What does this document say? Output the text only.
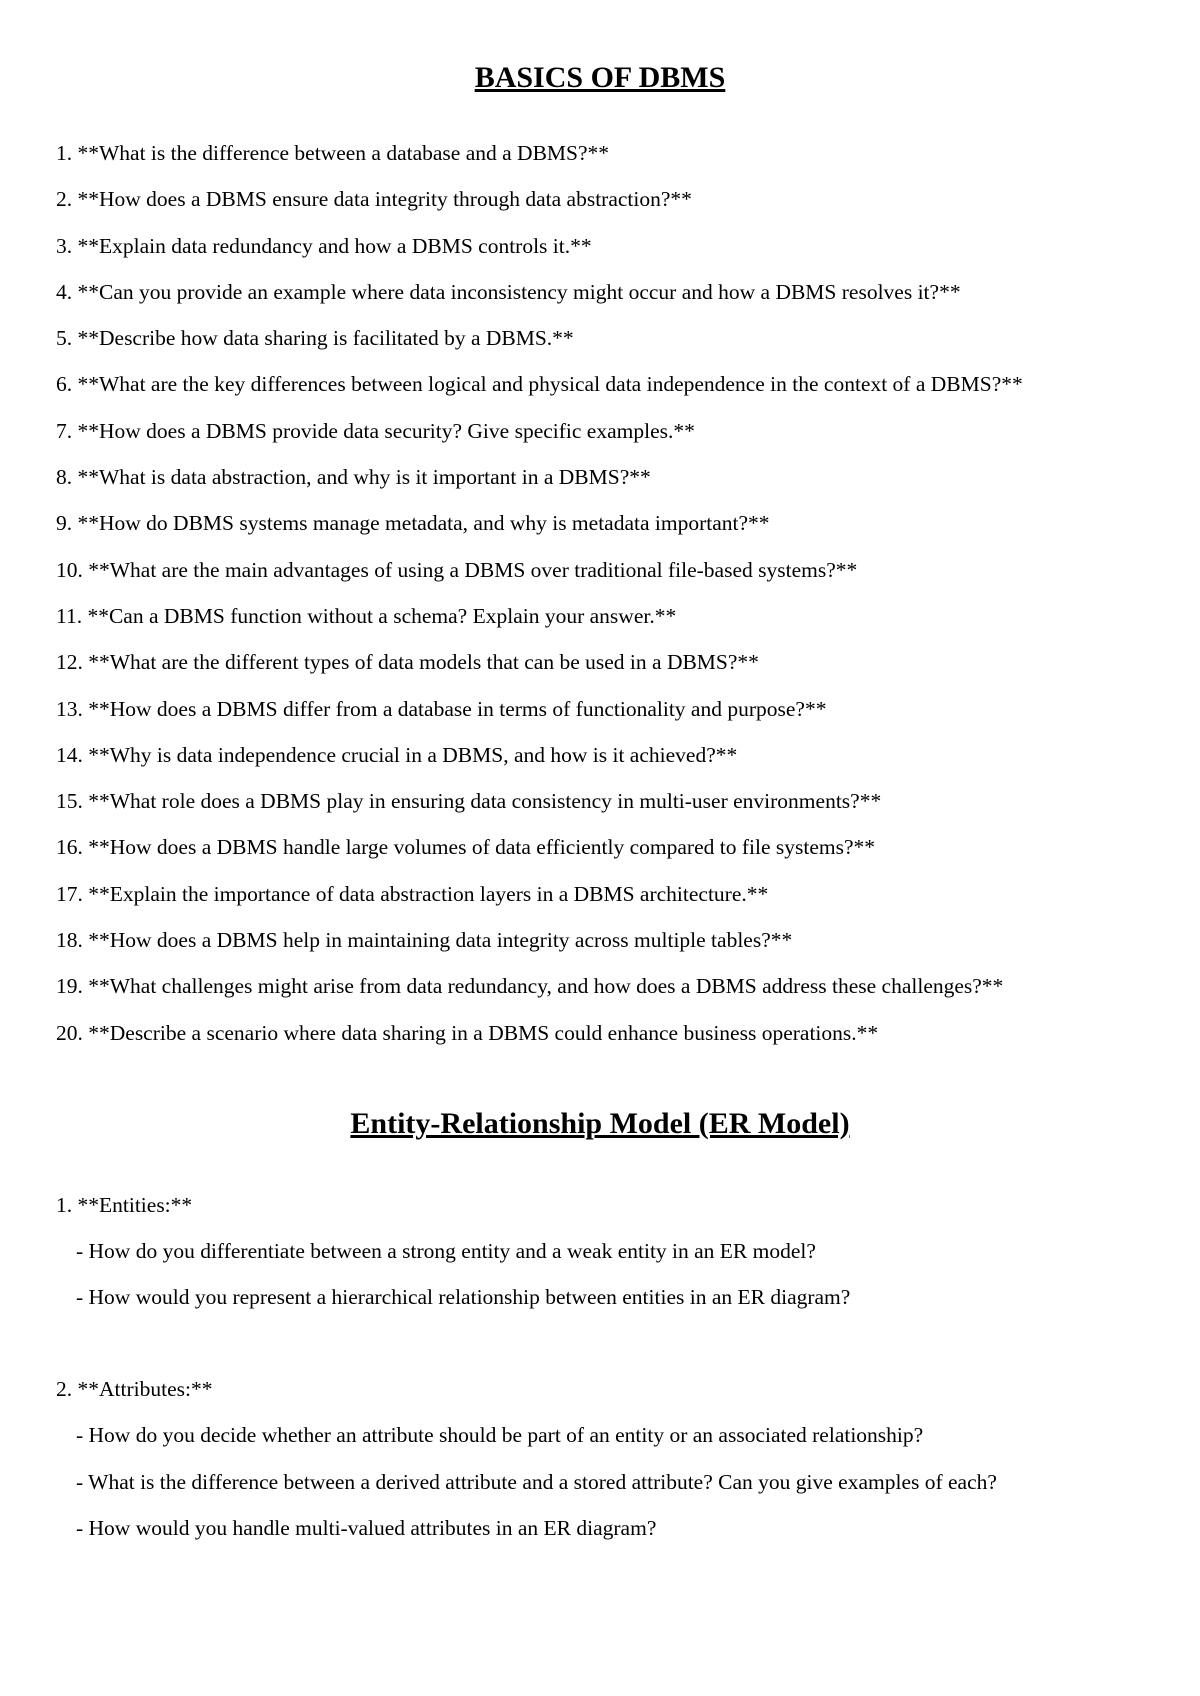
BASICS OF DBMS
1. **What is the difference between a database and a DBMS?**
2. **How does a DBMS ensure data integrity through data abstraction?**
3. **Explain data redundancy and how a DBMS controls it.**
4. **Can you provide an example where data inconsistency might occur and how a DBMS resolves it?**
5. **Describe how data sharing is facilitated by a DBMS.**
6. **What are the key differences between logical and physical data independence in the context of a DBMS?**
7. **How does a DBMS provide data security? Give specific examples.**
8. **What is data abstraction, and why is it important in a DBMS?**
9. **How do DBMS systems manage metadata, and why is metadata important?**
10. **What are the main advantages of using a DBMS over traditional file-based systems?**
11. **Can a DBMS function without a schema? Explain your answer.**
12. **What are the different types of data models that can be used in a DBMS?**
13. **How does a DBMS differ from a database in terms of functionality and purpose?**
14. **Why is data independence crucial in a DBMS, and how is it achieved?**
15. **What role does a DBMS play in ensuring data consistency in multi-user environments?**
16. **How does a DBMS handle large volumes of data efficiently compared to file systems?**
17. **Explain the importance of data abstraction layers in a DBMS architecture.**
18. **How does a DBMS help in maintaining data integrity across multiple tables?**
19. **What challenges might arise from data redundancy, and how does a DBMS address these challenges?**
20. **Describe a scenario where data sharing in a DBMS could enhance business operations.**
Entity-Relationship Model (ER Model)
1. **Entities:**
- How do you differentiate between a strong entity and a weak entity in an ER model?
- How would you represent a hierarchical relationship between entities in an ER diagram?
2. **Attributes:**
- How do you decide whether an attribute should be part of an entity or an associated relationship?
- What is the difference between a derived attribute and a stored attribute? Can you give examples of each?
- How would you handle multi-valued attributes in an ER diagram?
